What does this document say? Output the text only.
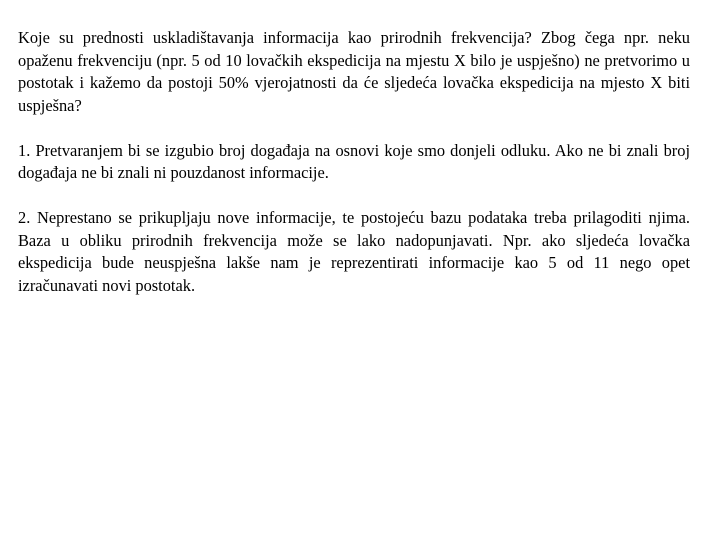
Koje su prednosti uskladištavanja informacija kao prirodnih frekvencija? Zbog čega npr. neku opaženu frekvenciju (npr. 5 od 10 lovačkih ekspedicija na mjestu X bilo je uspješno) ne pretvorimo u postotak i kažemo da postoji 50% vjerojatnosti da će sljedeća lovačka ekspedicija na mjesto X biti uspješna?

1. Pretvaranjem bi se izgubio broj događaja na osnovi koje smo donjeli odluku. Ako ne bi znali broj događaja ne bi znali ni pouzdanost informacije.

2. Neprestano se prikupljaju nove informacije, te postojeću bazu podataka treba prilagoditi njima. Baza u obliku prirodnih frekvencija može se lako nadopunjavati. Npr. ako sljedeća lovačka ekspedicija bude neuspješna lakše nam je reprezentirati informacije kao 5 od 11 nego opet izračunavati novi postotak.
